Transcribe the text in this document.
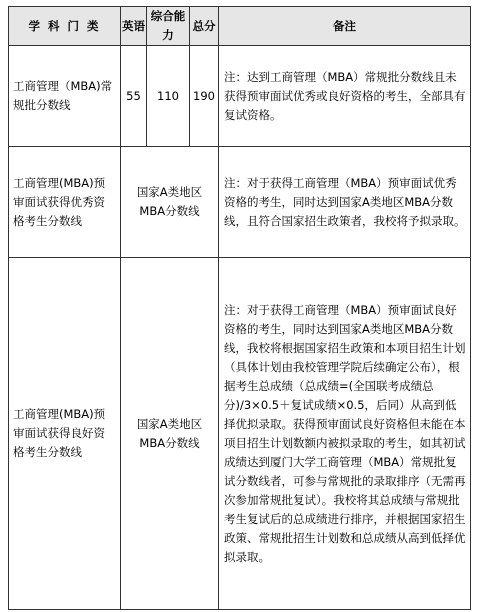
学 科 门 类	英语	综合能力	总分	备注
工商管理（MBA)常规批分数线	55	110	190	注：达到工商管理（MBA）常规批分数线且未获得预审面试优秀或良好资格的考生，全部具有复试资格。
工商管理(MBA)预审面试获得优秀资格考生分数线	国家A类地区MBA分数线			注：对于获得工商管理（MBA）预审面试优秀资格的考生，同时达到国家A类地区MBA分数线，且符合国家招生政策者，我校将予拟录取。
工商管理(MBA)预审面试获得良好资格考生分数线	国家A类地区MBA分数线			注：对于获得工商管理（MBA）预审面试良好资格的考生，同时达到国家A类地区MBA分数线，我校将根据国家招生政策和本项目招生计划（具体计划由我校管理学院后续确定公布），根据考生总成绩（总成绩=(全国联考成绩总分)/3×0.5＋复试成绩×0.5，后同）从高到低择优拟录取。获得预审面试良好资格但未能在本项目招生计划数额内被拟录取的考生，如其初试成绩达到厦门大学工商管理（MBA）常规批复试分数线者，可参与常规批的录取排序（无需再次参加常规批复试）。我校将其总成绩与常规批考生复试后的总成绩进行排序，并根据国家招生政策、常规批招生计划数和总成绩从高到低择优拟录取。
